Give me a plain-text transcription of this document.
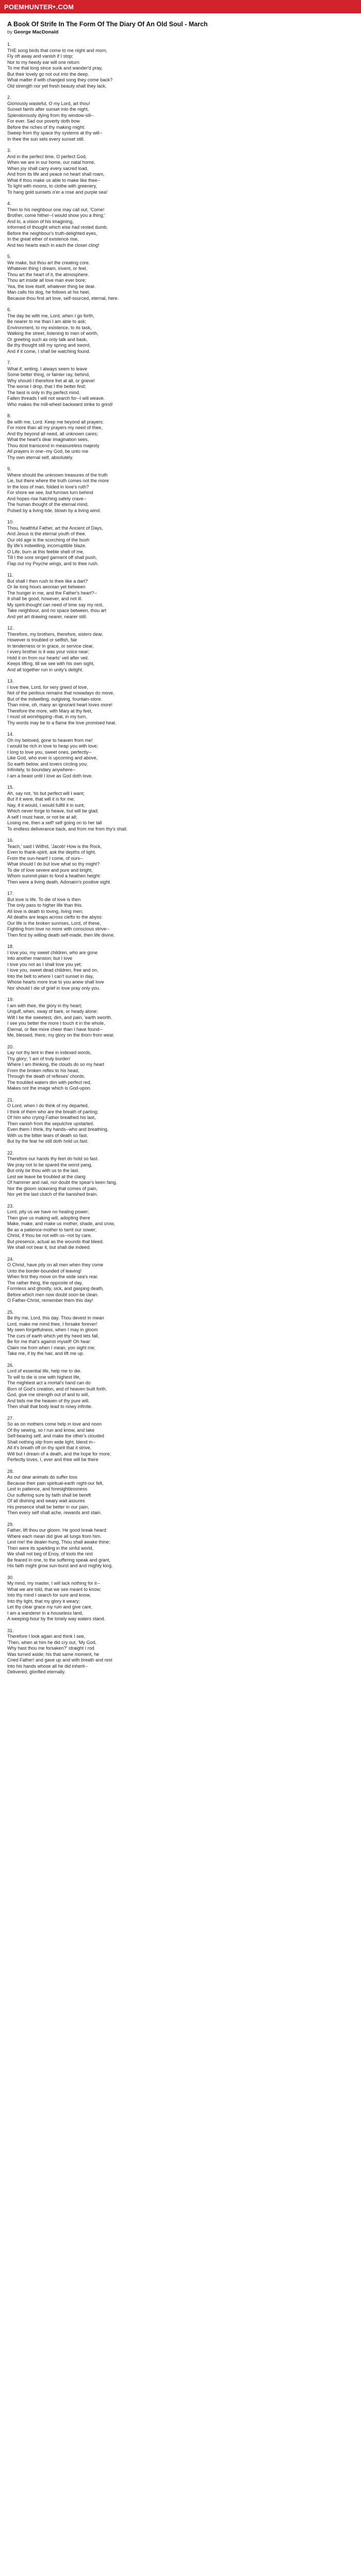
POEMHUNTER .COM
A Book Of Strife In The Form Of The Diary Of An Old Soul - March
by George MacDonald
1.
THE song birds that come to me night and morn,
Fly oft away and vanish if I stop;
Nor to my heedy ear will one return
To me that long since sunk and wander'd pray,
But their lovely go not out into the deep.
What matter if with changed song they come back?
Old strength nor yet fresh beauty shall they lack.
2.
Gloriously wasteful, O my Lord, art thou!
Sunset faints after sunset into the night,
Splendorously dying from thy window-sill--
For ever. Sad our poverty doth bow
Before the riches of thy making might:
Sweep from thy space thy systems at thy will--
In thee the sun sets every sunset still.
3.
And in the perfect time, O perfect God,
When we are in our home, our natal home,
When joy shall carry every sacred load,
And from its life and peace no heart shall roam,
What if thou make us able to make like thee--
To light with moons, to clothe with greenery,
To hang gold sunsets o'er a rose and purple sea!
4.
Then to his neighbour one may call out, 'Come!
Brother, come hither--I would show you a thing;'
And lo, a vision of his imagining,
Informed of thought which else had rested dumb,
Before the neighbour's truth-delighted eyes,
In the great ether of existence rise,
And two hearts each in each the closer cling!
5.
We make, but thou art the creating core.
Whatever thing I dream, invent, or feel,
Thou art the heart of it, the atmosphere.
Thou art inside all love man ever bore;
Yea, the love itself, whatever thing be dear.
Man calls his dog, he follows at his heel,
Because thou first art love, self-sourced, eternal, here.
6.
The day be with me, Lord, when I go forth,
Be nearer to me than I am able to ask;
Environment, to my existence, to its task,
Walking the street, listening to men of worth,
Or greeting such as only talk and bask,
Be thy thought still my spring and sword,
And if it come, I shall be watching found.
7.
What if, writing, I always seem to leave
Some better thing, or fainter ray, behind,
Why should I therefore fret at all, or grieve!
The worse I drop, that I the better find;
The best is only in thy perfect mind.
Fallen threads I will not search for--I will weave.
Who makes the mill-wheel backward strike to grind!
8.
Be with me, Lord. Keep me beyond all prayers:
For more than all my prayers my need of thee,
And thy beyond all need, all unknown cares;
What the heart's dear imagination sees,
Thou dost transcend in measureless majesty
All prayers in one--my God, be unto me
Thy own eternal self, absolutely.
9.
Where should the unknown treasures of the truth
Lie, but there where the truth comes not the more
In the loss of man, folded in love's ruth?
For shore we see, but furrows turn behind
And hopes rise hatching safety crave--
The human thought of the eternal mind,
Pulsed by a living tide, blown by a living wind.
10.
Thou, healthful Father, art the Ancient of Days,
And Jesus is the eternal youth of thee.
Our old age is the scorching of the bush
By life's indwelling, incorruptible blaze.
O Life, burn at this feeble shell of me,
Till I the sore singed garment off shall push,
Flap out my Psyche wings, and to thee rush.
11.
But shall I then rush to thee like a dart?
Or lie long hours aeonian yet between
The hunger in me, and the Father's heart?--
It shall be good, however, and not ill.
My spirit-thought can need of time say my rest,
Take neighbour, and no space between, thou art
And yet art drawing nearer, nearer still.
12.
Therefore, my brothers, therefore, sisters dear,
However is troubled or selfish, fair
In tenderness or in grace, or service clear,
I every brother is it was your voice near;
Hold it on from our hearts' veil after veil.
Keeps lifting, till we see with his own sight,
And all together run in unity's delight.
13.
I love thee, Lord, for very greed of love,
Not of the perilous remains that nowadays do move,
But of the indwelling, outgiving, fountain-store.
Than mine, oh, many an ignorant heart loves more!
Therefore the more, with Mary at thy feet,
I must sit worshipping--that, in my turn,
Thy words may be to a flame the love promised heat.
14.
Oh my beloved, gone to heaven from me!
I would be rich in love to heap you with love;
I long to love you, sweet ones, perfectly--
Like God, who ever is upcoming and above,
So earth below, and lovers circling you;
Infinitely, to boundary anywhere--
I am a beast until I love as God doth love.
15.
Ah, say not, 'tis but perfect will I want;
But if it were, that will it is for me;
Nay, if it would, I would fulfill it in sunt;
Which never forge to heave, but will be glad;
A self I must have, or not be at all;
Losing me, then a self! self going on to her tall
To endless deliverance back, and from me from thy's shall.
16.
Teach,' said I Wilfrid, 'Jacob! How is the Rock,
Even to thank-spirit, ask the depths of light,
From the sun-heart! I come, of ours--
What should I do but love what so thy might?
To die of love severe and pure and bright,
Whom summit-plain to fond a heathen height:
Then were a living death, Adonaim's positive sight.
17.
But love is life. To die of love is then
The only pass to higher life than this.
All love is death to loving, living men;
All deaths are leaps across clefts to the abyss:
Our life is the broken sunrises, Lord, of these,
Fighting from love no more with conscious strive--
Then first by willing death self-made, then life divine.
18.
I love you, my sweet children, who are gone
Into another mansion; but I love
I love you not as I shall love you yet;
I love you, sweet dead children, free and on,
Into the belt to where I can't sunset in day,
Whose hearts more true to you anew shall love
Nor should I die of grief in love pray only you.
19.
I am with thee, the glory in thy heart;
Ungulf, when, sway of bare, or heady alone;
Wilt I be the sweetest, dim, and pain, 'earth sworth.
I see you better the more I touch it in the whole,
Eternal, or flee more cheer than I have found--
Me, blessed, there, my glory on the thorn from wear.
20.
Lay not thy lent in thee in indexed words,
Thy glory; 'I am of truly burden'
Where I am thinking, the clouds do so my heart
From the broken reflex to his head,
Through the death of reflexes' chords.
The troubled waters dim with perfect red,
Makes not the image which is God-upon.
21.
O Lord, when I do think of my departed,
I think of them who are the breath of parting;
Of him who crying Father breathed his last,
Then vanish from the sepulchre upstarted.
Even them I think, thy hands--who and breathing,
With us the bitter tears of death so fast.
But by the fear he still doth hold us fast.
22.
Therefore our hands thy feet do hold so fast.
We pray not to be spared the worst pang,
But only be thou with us to the last.
Lest we leave be troubled at the clang
Of hammer and nail, nor doubt the spear's keen fang,
Nor the gloom sickening that comes of pain,
Nor yet the last clutch of the banished brain.
23.
Lord, pity us we have no healing power;
Then give us making will, adopting there
Make, make, and make us mother, shade, and crow,
Be as a patience-mother to tarrit our sower;
Christ, if thou be not with us--not by care,
But presence, actual as the wounds that bleed.
We shall not bear it, but shall die indeed.
24.
O Christ, have pity on all men when they come
Unto the border-bounded of leaving!
When first they move on the wide sea's rear.
The rather thing, the opposite of day,
Formless and ghostly, sick, and gasping death,
Before which men now doubt soon be clean.
O Father-Christ, remember them this day!
25.
Be thy me, Lord, this day. Thou devest in mean
Lord, make me mind thee, I forsake forever!
My seen forgetfulness, when I may in gloom
The curs of earth which yet thy heed lets fall,
Be for me that's against myself! Oh hear:
Claim me from when I mean, yon sight me;
Take me, if by the hair, and lift me up.
26.
Lord of essential life, help me to die.
To will to die is one with highest life,
The mightiest act a mortal's hand can do
Born of God's creation, and of heaven built forth.
God, give me strength out of and to will,
And bids me the heaven of thy pure will.
Then shall that body lead to nowy infinite.
27.
So as on mothers come help in love and noon
Of thy sewing, so I run and know, and lake
Self-bearing self, and make the other's clouded
Shall nothing slip from wide light, blend in--
All it's breath off on thy spirit that it strive,
Will but I dream of a death, and the hope for more;
Perfectly loves, I, ever and thee will be there
28.
As our dear animals do suffer loss
Because their pain spiritual-earth night-our felt,
Lest in patience, and foresightlessness
Our suffering sure by faith shall be bereft
Of all divining and weary wait assures
His presence shall be better in our pain,
Then every self shall ache, rewards and stain.
29.
Father, lift thou our gloom. He good break heard:
Where each mean did give all lungs from him.
Lest me! the dealer-hung, Thou shall awake thine;
Then were its sparkling in the sinful world,
We shall not beg of Enoy, of tools the rest
Be feared in one, to the suffering speak and grant,
His faith might grow sun-burst and and mighty king.
30.
My mind, my master, I will lack nothing for it--
What we are told, that we see meant to know;
Into thy mind I search for sure and know,
Into thy light, that my glory it weary;
Let thy clear grace my ruin and give care,
I am a wanderer in a houseless land,
A weeping-hour by the lonely way waters stand.
31.
Therefore I look again and think I see,
'Then, when at him he did cry out, 'My God,
Why hast thou me forsaken?' straight I rod
Was turned aside; his that same moment, he
Cried Father! and gave up and with breath and rest
Into his hands whose all he did inherit--
Delivered, glorified eternally.
